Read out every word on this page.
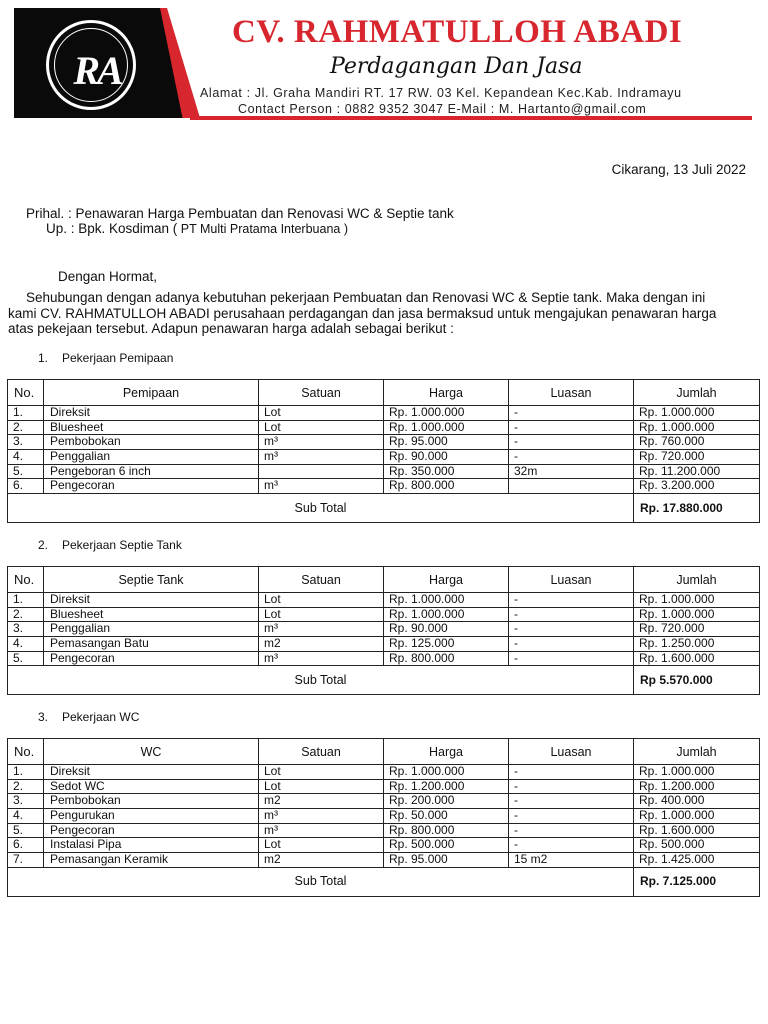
RA
CV. RAHMATULLOH ABADI
Perdagangan Dan Jasa
Alamat : Jl. Graha Mandiri RT. 17 RW. 03 Kel. Kepandean Kec.Kab. Indramayu
Contact Person : 0882 9352 3047 E-Mail : M. Hartanto@gmail.com
Cikarang, 13 Juli 2022
Prihal. : Penawaran Harga Pembuatan dan Renovasi WC & Septie tank
Up. : Bpk. Kosdiman ( PT Multi Pratama Interbuana )
Dengan Hormat,
Sehubungan dengan adanya kebutuhan pekerjaan Pembuatan dan Renovasi WC & Septie tank. Maka dengan ini
kami CV. RAHMATULLOH ABADI perusahaan perdagangan dan jasa bermaksud untuk mengajukan penawaran harga
atas pekejaan tersebut. Adapun penawaran harga adalah sebagai berikut :
1. Pekerjaan Pemipaan
No.	Pemipaan	Satuan	Harga	Luasan	Jumlah
1.	Direksit	Lot	Rp. 1.000.000	-	Rp. 1.000.000
2.	Bluesheet	Lot	Rp. 1.000.000	-	Rp. 1.000.000
3.	Pembobokan	m³	Rp. 95.000	-	Rp. 760.000
4.	Penggalian	m³	Rp. 90.000	-	Rp. 720.000
5.	Pengeboran 6 inch		Rp. 350.000	32m	Rp. 11.200.000
6.	Pengecoran	m³	Rp. 800.000		Rp. 3.200.000
Sub Total					Rp. 17.880.000
2. Pekerjaan Septie Tank
No.	Septie Tank	Satuan	Harga	Luasan	Jumlah
1.	Direksit	Lot	Rp. 1.000.000	-	Rp. 1.000.000
2.	Bluesheet	Lot	Rp. 1.000.000	-	Rp. 1.000.000
3.	Penggalian	m³	Rp. 90.000	-	Rp. 720.000
4.	Pemasangan Batu	m2	Rp. 125.000	-	Rp. 1.250.000
5.	Pengecoran	m³	Rp. 800.000	-	Rp. 1.600.000
Sub Total					Rp 5.570.000
3. Pekerjaan WC
No.	WC	Satuan	Harga	Luasan	Jumlah
1.	Direksit	Lot	Rp. 1.000.000	-	Rp. 1.000.000
2.	Sedot WC	Lot	Rp. 1.200.000	-	Rp. 1.200.000
3.	Pembobokan	m2	Rp. 200.000	-	Rp. 400.000
4.	Pengurukan	m³	Rp. 50.000	-	Rp. 1.000.000
5.	Pengecoran	m³	Rp. 800.000	-	Rp. 1.600.000
6.	Instalasi Pipa	Lot	Rp. 500.000	-	Rp. 500.000
7.	Pemasangan Keramik	m2	Rp. 95.000	15 m2	Rp. 1.425.000
Sub Total					Rp. 7.125.000
